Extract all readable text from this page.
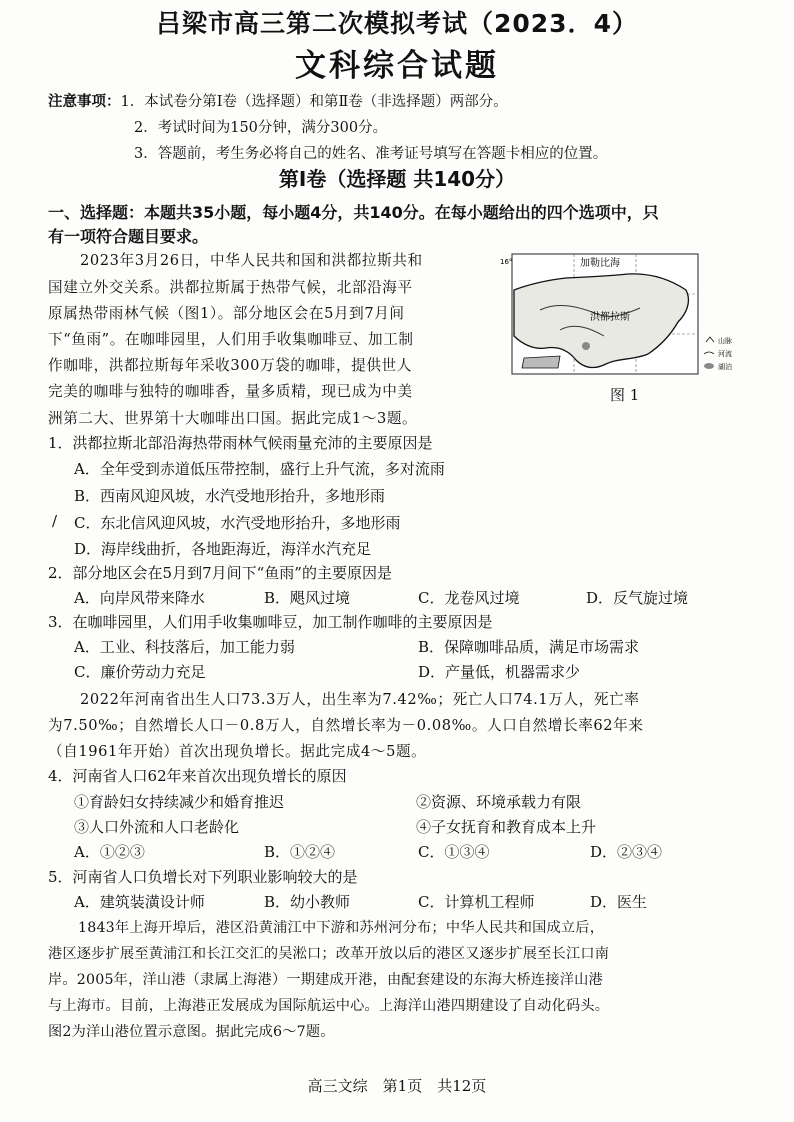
吕梁市高三第二次模拟考试（2023．4）
文科综合试题
注意事项：1．本试卷分第Ⅰ卷（选择题）和第Ⅱ卷（非选择题）两部分。
2．考试时间为150分钟，满分300分。
3．答题前，考生务必将自己的姓名、准考证号填写在答题卡相应的位置。
第Ⅰ卷（选择题 共140分）
一、选择题：本题共35小题，每小题4分，共140分。在每小题给出的四个选项中，只
有一项符合题目要求。
2023年3月26日，中华人民共和国和洪都拉斯共和
国建立外交关系。洪都拉斯属于热带气候，北部沿海平
原属热带雨林气候（图1）。部分地区会在5月到7月间
下“鱼雨”。在咖啡园里，人们用手收集咖啡豆、加工制
作咖啡，洪都拉斯每年采收300万袋的咖啡，提供世人
完美的咖啡与独特的咖啡香，量多质精，现已成为中美
洲第二大、世界第十大咖啡出口国。据此完成1～3题。
加勒比海
16°
洪都拉斯
山脉
河流
湖泊
图 1
1．洪都拉斯北部沿海热带雨林气候雨量充沛的主要原因是
A．全年受到赤道低压带控制，盛行上升气流，多对流雨
B．西南风迎风坡，水汽受地形抬升，多地形雨
/ C．东北信风迎风坡，水汽受地形抬升，多地形雨
D．海岸线曲折，各地距海近，海洋水汽充足
2．部分地区会在5月到7月间下“鱼雨”的主要原因是
A．向岸风带来降水	B．飓风过境	C．龙卷风过境	D．反气旋过境
3．在咖啡园里，人们用手收集咖啡豆，加工制作咖啡的主要原因是
A．工业、科技落后，加工能力弱	B．保障咖啡品质，满足市场需求
C．廉价劳动力充足	D．产量低，机器需求少
2022年河南省出生人口73.3万人，出生率为7.42‰；死亡人口74.1万人，死亡率
为7.50‰；自然增长人口－0.8万人，自然增长率为－0.08‰。人口自然增长率62年来
（自1961年开始）首次出现负增长。据此完成4～5题。
4．河南省人口62年来首次出现负增长的原因
①育龄妇女持续减少和婚育推迟	②资源、环境承载力有限
③人口外流和人口老龄化	④子女抚育和教育成本上升
A．①②③	B．①②④	C．①③④	D．②③④
5．河南省人口负增长对下列职业影响较大的是
A．建筑装潢设计师	B．幼小教师	C．计算机工程师	D．医生
1843年上海开埠后，港区沿黄浦江中下游和苏州河分布；中华人民共和国成立后，
港区逐步扩展至黄浦江和长江交汇的吴淞口；改革开放以后的港区又逐步扩展至长江口南
岸。2005年，洋山港（隶属上海港）一期建成开港，由配套建设的东海大桥连接洋山港
与上海市。目前，上海港正发展成为国际航运中心。上海洋山港四期建设了自动化码头。
图2为洋山港位置示意图。据此完成6～7题。
高三文综　第1页　共12页
